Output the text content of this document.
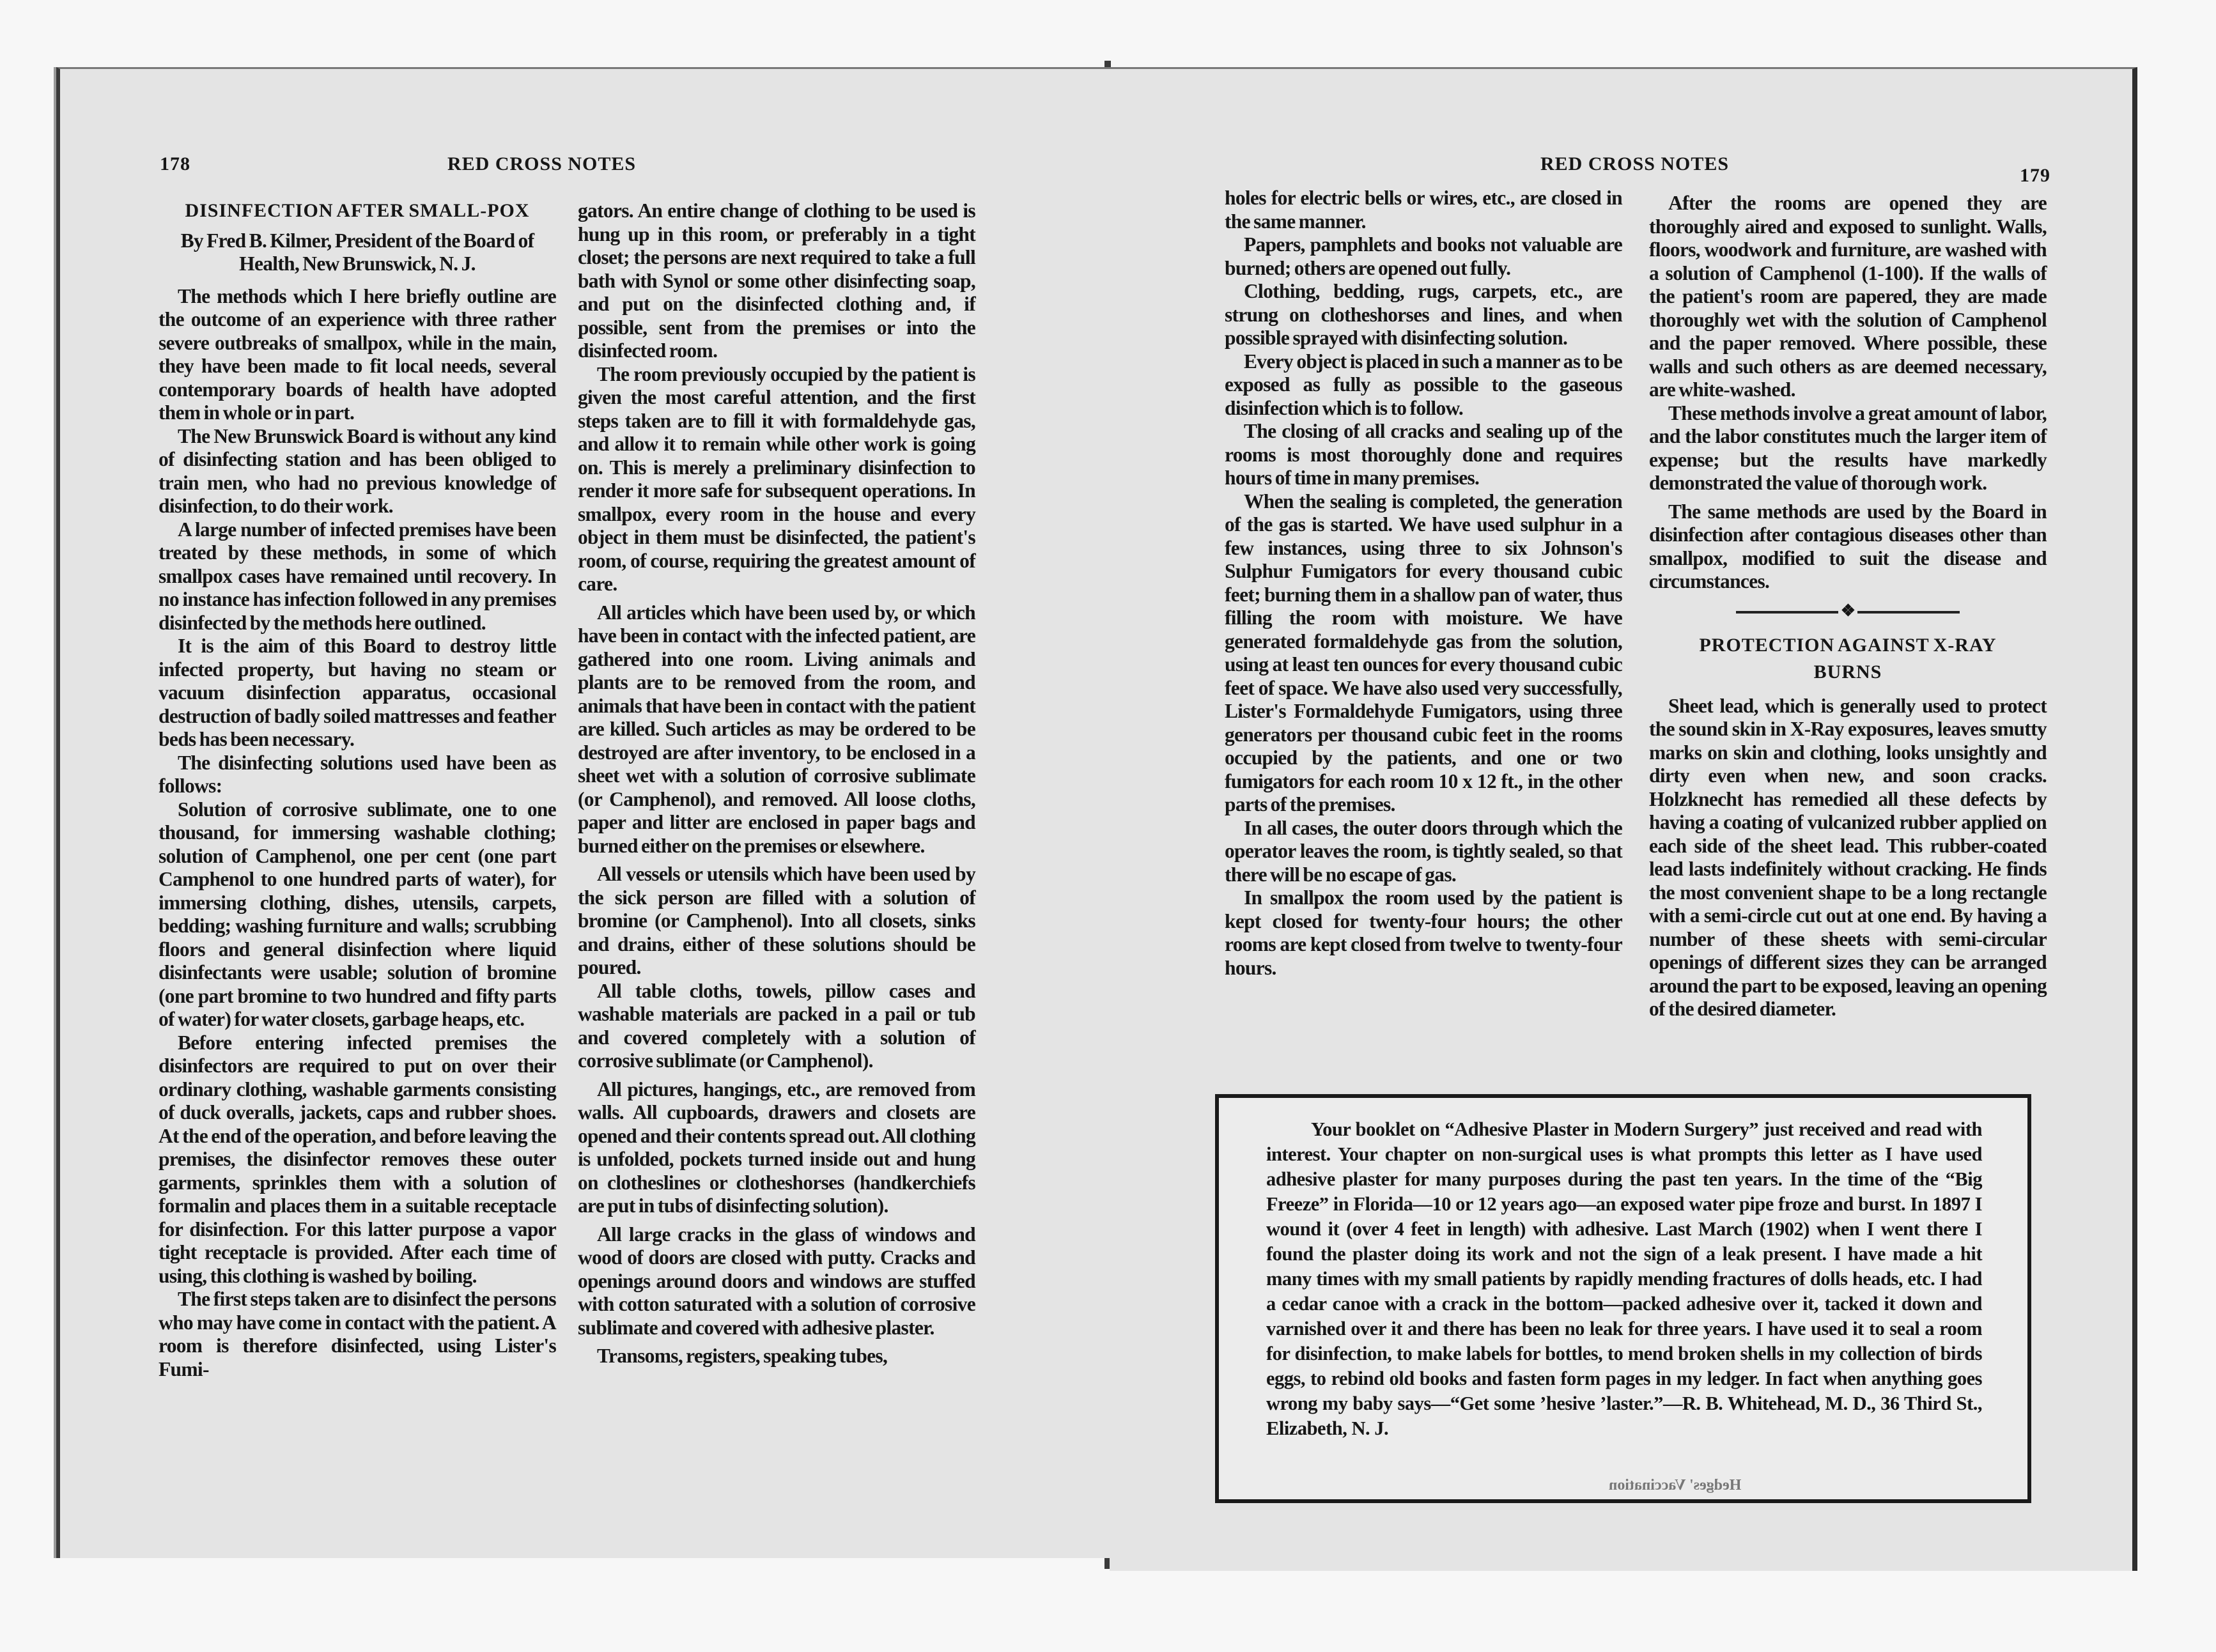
178	RED CROSS NOTES	RED CROSS NOTES
179
DISINFECTION AFTER SMALL-POX
By Fred B. Kilmer, President of the Board of Health, New Brunswick, N. J.

The methods which I here briefly outline are the outcome of an experience with three rather severe outbreaks of smallpox, while in the main, they have been made to fit local needs, several contemporary boards of health have adopted them in whole or in part.

The New Brunswick Board is without any kind of disinfecting station and has been obliged to train men, who had no previous knowledge of disinfection, to do their work.

A large number of infected premises have been treated by these methods, in some of which smallpox cases have remained until recovery. In no instance has infection followed in any premises disinfected by the methods here outlined.

It is the aim of this Board to destroy little infected property, but having no steam or vacuum disinfection apparatus, occasional destruction of badly soiled mattresses and feather beds has been necessary.

The disinfecting solutions used have been as follows:

Solution of corrosive sublimate, one to one thousand, for immersing washable clothing; solution of Camphenol, one per cent (one part Camphenol to one hundred parts of water), for immersing clothing, dishes, utensils, carpets, bedding; washing furniture and walls; scrubbing floors and general disinfection where liquid disinfectants were usable; solution of bromine (one part bromine to two hundred and fifty parts of water) for water closets, garbage heaps, etc.

Before entering infected premises the disinfectors are required to put on over their ordinary clothing, washable garments consisting of duck overalls, jackets, caps and rubber shoes. At the end of the operation, and before leaving the premises, the disinfector removes these outer garments, sprinkles them with a solution of formalin and places them in a suitable receptacle for disinfection. For this latter purpose a vapor tight receptacle is provided. After each time of using, this clothing is washed by boiling.

The first steps taken are to disinfect the persons who may have come in contact with the patient. A room is therefore disinfected, using Lister's Fumi-

gators. An entire change of clothing to be used is hung up in this room, or preferably in a tight closet; the persons are next required to take a full bath with Synol or some other disinfecting soap, and put on the disinfected clothing and, if possible, sent from the premises or into the disinfected room.

The room previously occupied by the patient is given the most careful attention, and the first steps taken are to fill it with formaldehyde gas, and allow it to remain while other work is going on. This is merely a preliminary disinfection to render it more safe for subsequent operations. In smallpox, every room in the house and every object in them must be disinfected, the patient's room, of course, requiring the greatest amount of care.

All articles which have been used by, or which have been in contact with the infected patient, are gathered into one room. Living animals and plants are to be removed from the room, and animals that have been in contact with the patient are killed. Such articles as may be ordered to be destroyed are after inventory, to be enclosed in a sheet wet with a solution of corrosive sublimate (or Camphenol), and removed. All loose cloths, paper and litter are enclosed in paper bags and burned either on the premises or elsewhere.

All vessels or utensils which have been used by the sick person are filled with a solution of bromine (or Camphenol). Into all closets, sinks and drains, either of these solutions should be poured.

All table cloths, towels, pillow cases and washable materials are packed in a pail or tub and covered completely with a solution of corrosive sublimate (or Camphenol).

All pictures, hangings, etc., are removed from walls. All cupboards, drawers and closets are opened and their contents spread out. All clothing is unfolded, pockets turned inside out and hung on clotheslines or clotheshorses (handkerchiefs are put in tubs of disinfecting solution).

All large cracks in the glass of windows and wood of doors are closed with putty. Cracks and openings around doors and windows are stuffed with cotton saturated with a solution of corrosive sublimate and covered with adhesive plaster.

Transoms, registers, speaking tubes,

holes for electric bells or wires, etc., are closed in the same manner.

Papers, pamphlets and books not valuable are burned; others are opened out fully.

Clothing, bedding, rugs, carpets, etc., are strung on clotheshorses and lines, and when possible sprayed with disinfecting solution.

Every object is placed in such a manner as to be exposed as fully as possible to the gaseous disinfection which is to follow.

The closing of all cracks and sealing up of the rooms is most thoroughly done and requires hours of time in many premises.

When the sealing is completed, the generation of the gas is started. We have used sulphur in a few instances, using three to six Johnson's Sulphur Fumigators for every thousand cubic feet; burning them in a shallow pan of water, thus filling the room with moisture. We have generated formaldehyde gas from the solution, using at least ten ounces for every thousand cubic feet of space. We have also used very successfully, Lister's Formaldehyde Fumigators, using three generators per thousand cubic feet in the rooms occupied by the patients, and one or two fumigators for each room 10 x 12 ft., in the other parts of the premises.

In all cases, the outer doors through which the operator leaves the room, is tightly sealed, so that there will be no escape of gas.

In smallpox the room used by the patient is kept closed for twenty-four hours; the other rooms are kept closed from twelve to twenty-four hours.

After the rooms are opened they are thoroughly aired and exposed to sunlight. Walls, floors, woodwork and furniture, are washed with a solution of Camphenol (1-100). If the walls of the patient's room are papered, they are made thoroughly wet with the solution of Camphenol and the paper removed. Where possible, these walls and such others as are deemed necessary, are white-washed.

These methods involve a great amount of labor, and the labor constitutes much the larger item of expense; but the results have markedly demonstrated the value of thorough work.

The same methods are used by the Board in disinfection after contagious diseases other than smallpox, modified to suit the disease and circumstances.

❖
PROTECTION AGAINST X-RAY
BURNS

Sheet lead, which is generally used to protect the sound skin in X-Ray exposures, leaves smutty marks on skin and clothing, looks unsightly and dirty even when new, and soon cracks. Holzknecht has remedied all these defects by having a coating of vulcanized rubber applied on each side of the sheet lead. This rubber-coated lead lasts indefinitely without cracking. He finds the most convenient shape to be a long rectangle with a semi-circle cut out at one end. By having a number of these sheets with semi-circular openings of different sizes they can be arranged around the part to be exposed, leaving an opening of the desired diameter.

Your booklet on “Adhesive Plaster in Modern Surgery” just received and read with interest. Your chapter on non-surgical uses is what prompts this letter as I have used adhesive plaster for many purposes during the past ten years. In the time of the “Big Freeze” in Florida—10 or 12 years ago—an exposed water pipe froze and burst. In 1897 I wound it (over 4 feet in length) with adhesive. Last March (1902) when I went there I found the plaster doing its work and not the sign of a leak present. I have made a hit many times with my small patients by rapidly mending fractures of dolls heads, etc. I had a cedar canoe with a crack in the bottom—packed adhesive over it, tacked it down and varnished over it and there has been no leak for three years. I have used it to seal a room for disinfection, to make labels for bottles, to mend broken shells in my collection of birds eggs, to rebind old books and fasten form pages in my ledger. In fact when anything goes wrong my baby says—“Get some ’hesive ’laster.”—R. B. Whitehead, M. D., 36 Third St., Elizabeth, N. J.
Hedges' Vaccination
